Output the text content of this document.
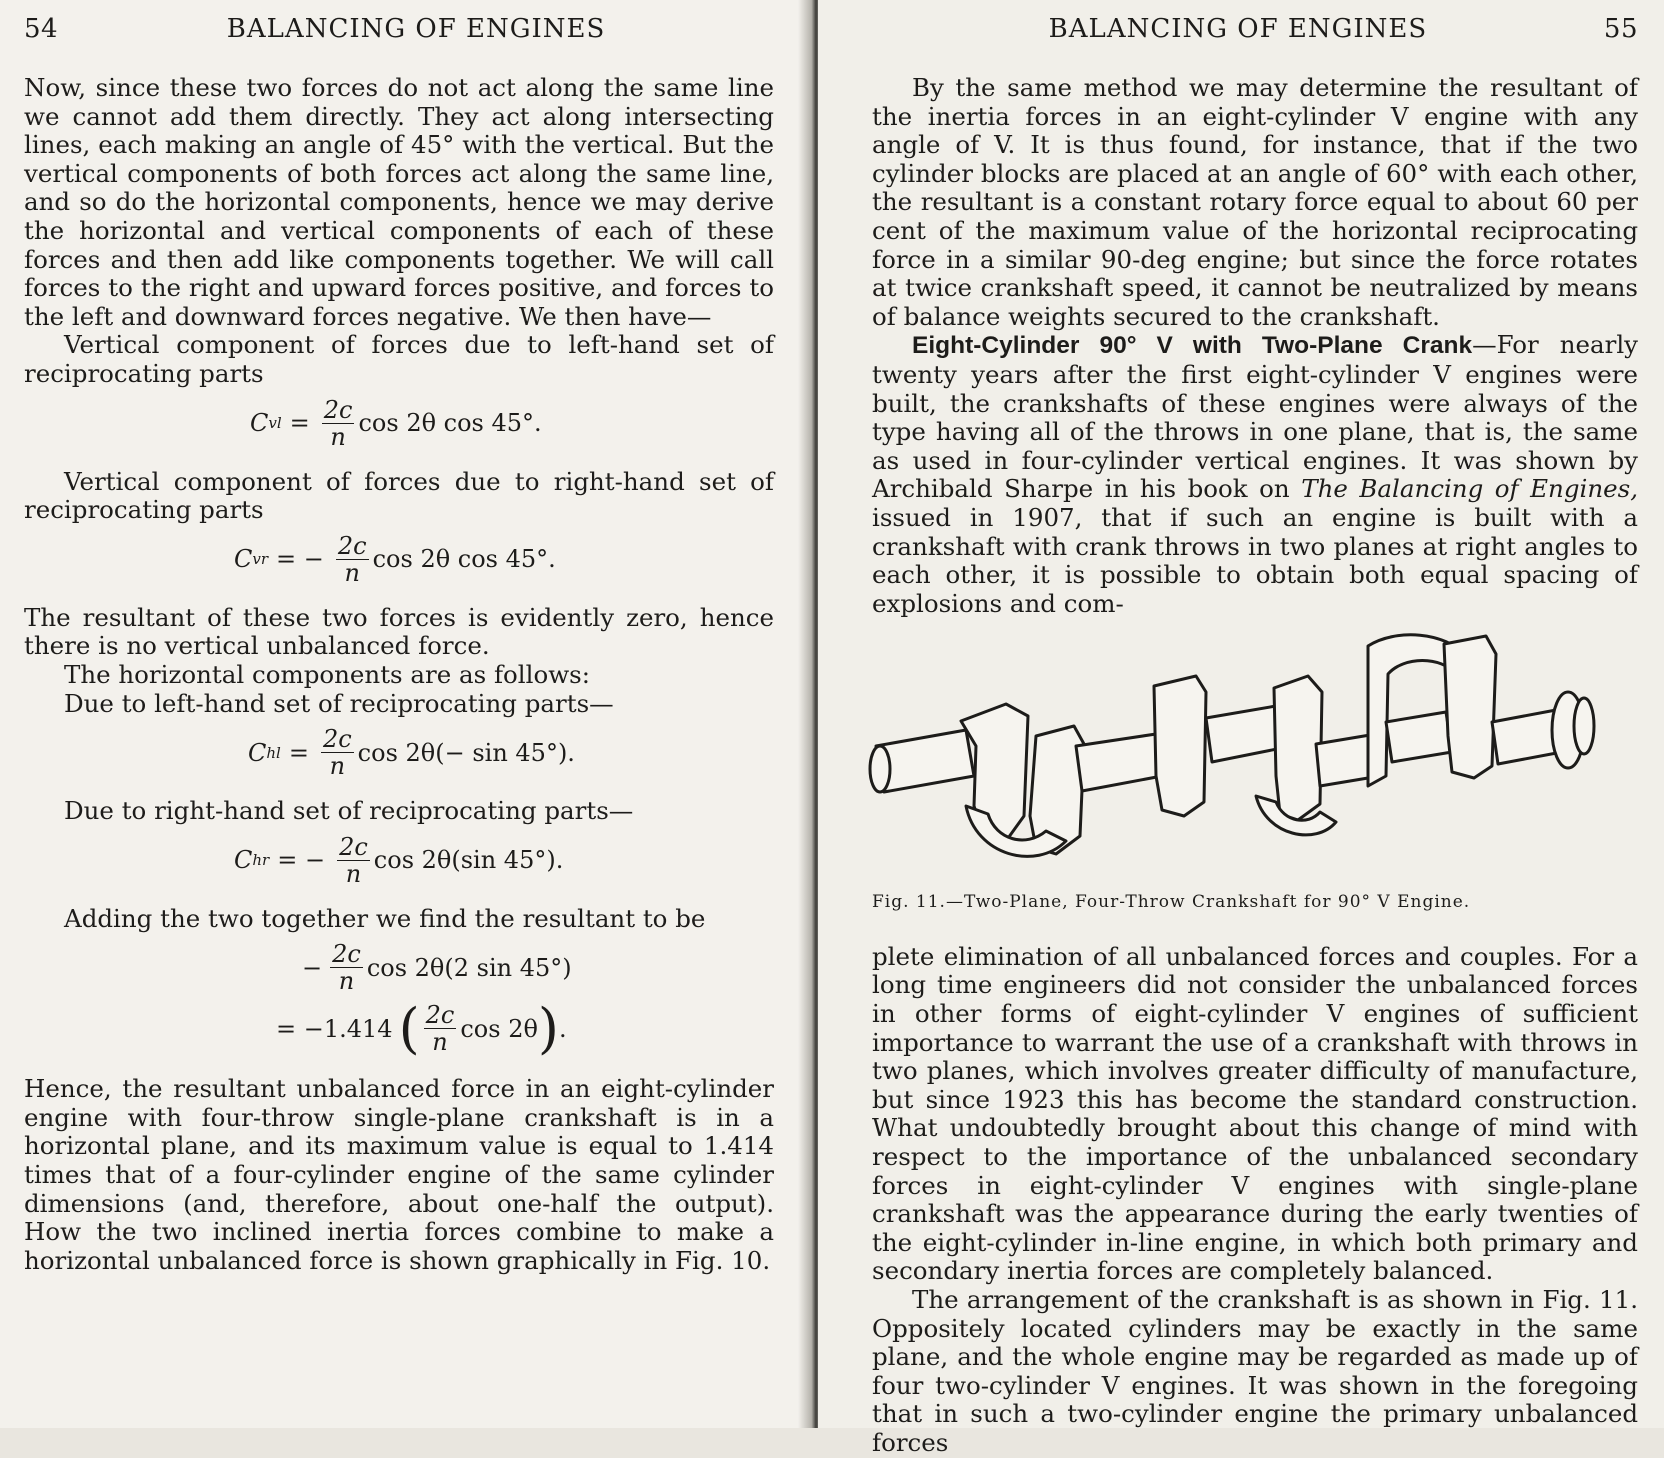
54	BALANCING OF ENGINES

Now, since these two forces do not act along the same line we cannot add them directly. They act along intersecting lines, each making an angle of 45° with the vertical. But the vertical components of both forces act along the same line, and so do the horizontal components, hence we may derive the horizontal and vertical components of each of these forces and then add like components together. We will call forces to the right and upward forces positive, and forces to the left and downward forces negative. We then have—

Vertical component of forces due to left-hand set of reciprocating parts

C vl = $\frac{2c}{n}$ cos 2θ cos 45°.

Vertical component of forces due to right-hand set of reciprocating parts

C vr = − $\frac{2c}{n}$ cos 2θ cos 45°.

The resultant of these two forces is evidently zero, hence there is no vertical unbalanced force.

The horizontal components are as follows:

Due to left-hand set of reciprocating parts—

C hl = $\frac{2c}{n}$ cos 2θ(− sin 45°).

Due to right-hand set of reciprocating parts—

C hr = − $\frac{2c}{n}$ cos 2θ(sin 45°).

Adding the two together we find the resultant to be

− $\frac{2c}{n}$ cos 2θ(2 sin 45°)
= −1.414 ( $\frac{2c}{n}$ cos 2θ ) .

Hence, the resultant unbalanced force in an eight-cylinder engine with four-throw single-plane crankshaft is in a horizontal plane, and its maximum value is equal to 1.414 times that of a four-cylinder engine of the same cylinder dimensions (and, therefore, about one-half the output). How the two inclined inertia forces combine to make a horizontal unbalanced force is shown graphically in Fig. 10.

BALANCING OF ENGINES	55

By the same method we may determine the resultant of the inertia forces in an eight-cylinder V engine with any angle of V. It is thus found, for instance, that if the two cylinder blocks are placed at an angle of 60° with each other, the resultant is a constant rotary force equal to about 60 per cent of the maximum value of the horizontal reciprocating force in a similar 90-deg engine; but since the force rotates at twice crankshaft speed, it cannot be neutralized by means of balance weights secured to the crankshaft.

Eight-Cylinder 90° V with Two-Plane Crank—For nearly twenty years after the first eight-cylinder V engines were built, the crankshafts of these engines were always of the type having all of the throws in one plane, that is, the same as used in four-cylinder vertical engines. It was shown by Archibald Sharpe in his book on The Balancing of Engines, issued in 1907, that if such an engine is built with a crankshaft with crank throws in two planes at right angles to each other, it is possible to obtain both equal spacing of explosions and com-

Fig. 11.—Two-Plane, Four-Throw Crankshaft for 90° V Engine.

plete elimination of all unbalanced forces and couples. For a long time engineers did not consider the unbalanced forces in other forms of eight-cylinder V engines of sufficient importance to warrant the use of a crankshaft with throws in two planes, which involves greater difficulty of manufacture, but since 1923 this has become the standard construction. What undoubtedly brought about this change of mind with respect to the importance of the unbalanced secondary forces in eight-cylinder V engines with single-plane crankshaft was the appearance during the early twenties of the eight-cylinder in-line engine, in which both primary and secondary inertia forces are completely balanced.

The arrangement of the crankshaft is as shown in Fig. 11. Oppositely located cylinders may be exactly in the same plane, and the whole engine may be regarded as made up of four two-cylinder V engines. It was shown in the foregoing that in such a two-cylinder engine the primary unbalanced forces
